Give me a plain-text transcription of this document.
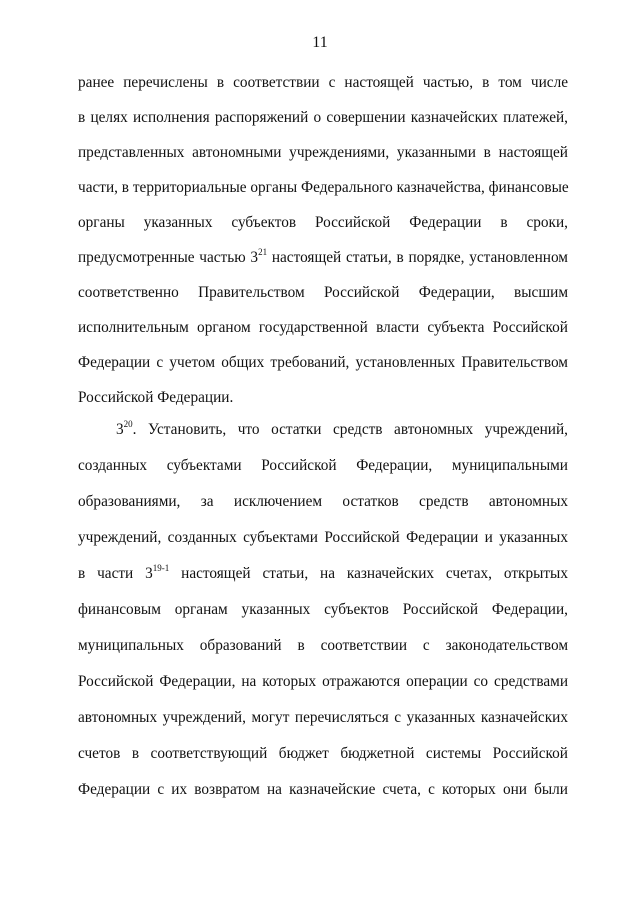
11
ранее перечислены в соответствии с настоящей частью, в том числе
в целях исполнения распоряжений о совершении казначейских платежей,
представленных автономными учреждениями, указанными в настоящей
части, в территориальные органы Федерального казначейства, финансовые
органы указанных субъектов Российской Федерации в сроки,
предусмотренные частью $3^{21}$ настоящей статьи, в порядке, установленном
соответственно Правительством Российской Федерации, высшим
исполнительным органом государственной власти субъекта Российской
Федерации с учетом общих требований, установленных Правительством
Российской Федерации.
$3^{20}$. Установить, что остатки средств автономных учреждений,
созданных субъектами Российской Федерации, муниципальными
образованиями, за исключением остатков средств автономных
учреждений, созданных субъектами Российской Федерации и указанных
в части 3$^{19-1}$ настоящей статьи, на казначейских счетах, открытых
финансовым органам указанных субъектов Российской Федерации,
муниципальных образований в соответствии с законодательством
Российской Федерации, на которых отражаются операции со средствами
автономных учреждений, могут перечисляться с указанных казначейских
счетов в соответствующий бюджет бюджетной системы Российской
Федерации с их возвратом на казначейские счета, с которых они были
